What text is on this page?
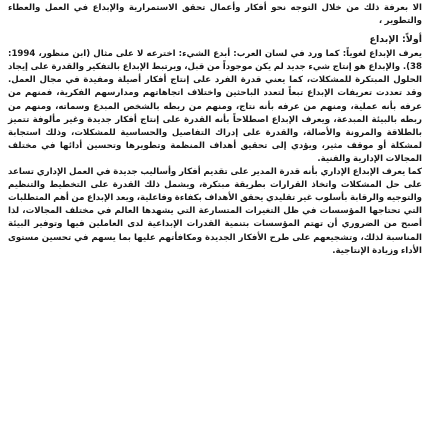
الا بعرفة ذلك من خلال التوجه نحو أفكار وأعمال تحقق الاستمرارية والإبداع في العمل والعطاء والتطوير ،

أولاً: الإبداع

يعرف الإبداع لغوياً: كما ورد في لسان العرب: أبدع الشيء: اخترعه لا على مثال (ابن منظور، 1994: 38). والإبداع هو إنتاج شيء جديد لم يكن موجوداً من قبل، ويرتبط الإبداع بالتفكير والقدرة على إيجاد الحلول المبتكرة للمشكلات، كما يعني قدرة الفرد على إنتاج أفكار أصيلة ومفيدة في مجال العمل. وقد تعددت تعريفات الإبداع تبعاً لتعدد الباحثين واختلاف اتجاهاتهم ومدارسهم الفكرية، فمنهم من عرفه بأنه عملية، ومنهم من عرفه بأنه نتاج، ومنهم من ربطه بالشخص المبدع وسماته، ومنهم من ربطه بالبيئة المبدعة، ويعرف الإبداع اصطلاحاً بأنه القدرة على إنتاج أفكار جديدة وغير مألوفة تتميز بالطلاقة والمرونة والأصالة، والقدرة على إدراك التفاصيل والحساسية للمشكلات، وذلك استجابة لمشكلة أو موقف مثير، ويؤدي إلى تحقيق أهداف المنظمة وتطويرها وتحسين أدائها في مختلف المجالات الإدارية والفنية.

كما يعرف الإبداع الإداري بأنه قدرة المدير على تقديم أفكار وأساليب جديدة في العمل الإداري تساعد على حل المشكلات واتخاذ القرارات بطريقة مبتكرة، ويشمل ذلك القدرة على التخطيط والتنظيم والتوجيه والرقابة بأسلوب غير تقليدي يحقق الأهداف بكفاءة وفاعلية، ويعد الإبداع من أهم المتطلبات التي تحتاجها المؤسسات في ظل التغيرات المتسارعة التي يشهدها العالم في مختلف المجالات، لذا أصبح من الضروري أن تهتم المؤسسات بتنمية القدرات الإبداعية لدى العاملين فيها وتوفير البيئة المناسبة لذلك، وتشجيعهم على طرح الأفكار الجديدة ومكافأتهم عليها بما يسهم في تحسين مستوى الأداء وزيادة الإنتاجية.
